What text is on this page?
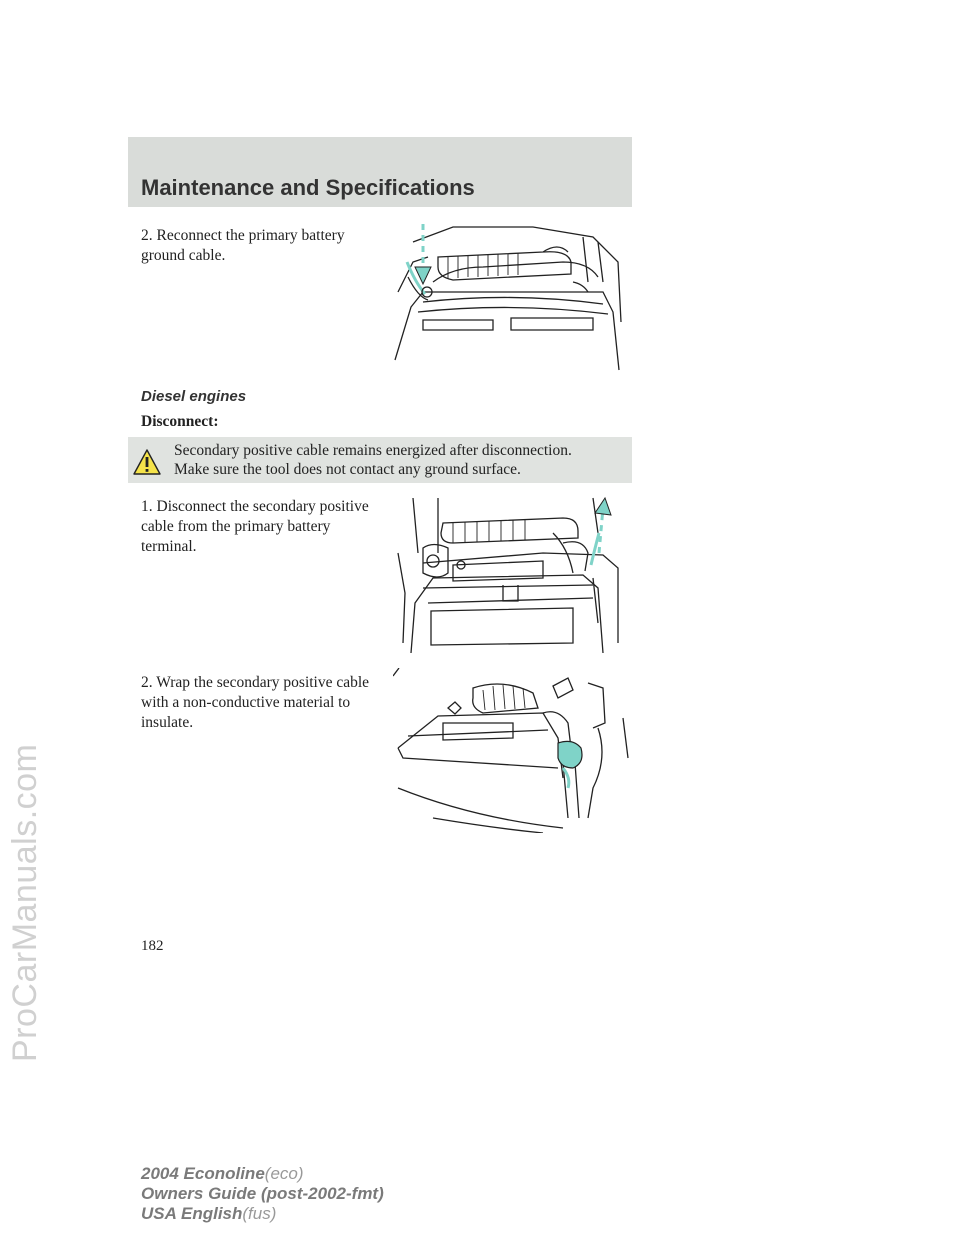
ProCarManuals.com
Maintenance and Specifications
2. Reconnect the primary battery
ground cable.
Diesel engines
Disconnect:
Secondary positive cable remains energized after disconnection.
Make sure the tool does not contact any ground surface.
1. Disconnect the secondary positive
cable from the primary battery
terminal.
2. Wrap the secondary positive cable
with a non-conductive material to
insulate.
182
2004 Econoline(eco)
Owners Guide (post-2002-fmt)
USA English(fus)
